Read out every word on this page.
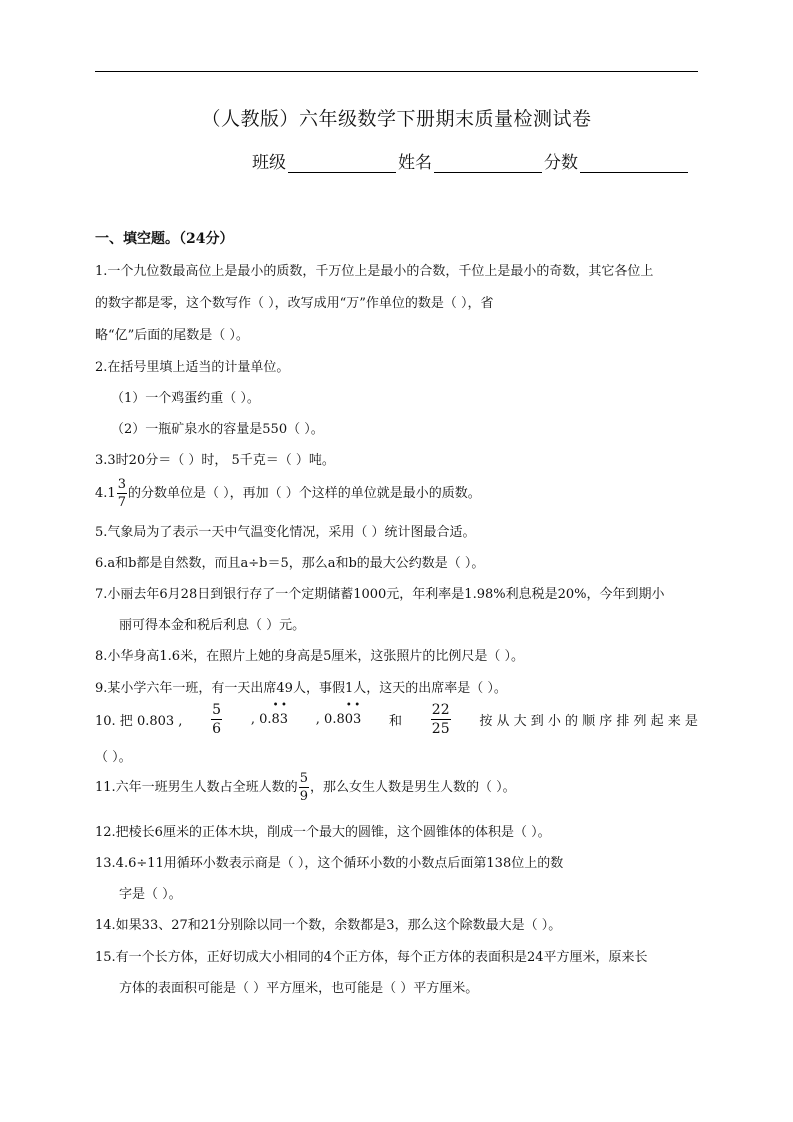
（人教版）六年级数学下册期末质量检测试卷
班级	姓名	分数
一、填空题。（24分）
1.一个九位数最高位上是最小的质数，千万位上是最小的合数，千位上是最小的奇数，其它各位上
的数字都是零，这个数写作（ ），改写成用“万”作单位的数是（ ），省
略“亿”后面的尾数是（ ）。
2.在括号里填上适当的计量单位。
（1）一个鸡蛋约重（ ）。
（2）一瓶矿泉水的容量是550（ ）。
3.3时20分＝（ ）时， 5千克＝（ ）吨。
$4.1 \frac{3}{7}$ 的分数单位是（ ），再加（ ）个这样的单位就是最小的质数。
5.气象局为了表示一天中气温变化情况，采用（ ）统计图最合适。
6.a和b都是自然数，而且a÷b＝5，那么a和b的最大公约数是（ ）。
7.小丽去年6月28日到银行存了一个定期储蓄1000元，年利率是1.98%利息税是20%，今年到期小
丽可得本金和税后利息（ ）元。
8.小华身高1.6米，在照片上她的身高是5厘米，这张照片的比例尺是（ ）。
9.某小学六年一班，有一天出席49人，事假1人，这天的出席率是（ ）。
10. 把 0.803 , $\frac{5}{6}$ , 0.• 8• 3 , 0.8• 0• 3 和 $\frac{22}{25}$ 按 从 大 到 小 的 顺 序 排 列 起 来 是
（ ）。
11.六年一班男生人数占全班人数的 $\frac{5}{9}$ ，那么女生人数是男生人数的（ ）。
12.把棱长6厘米的正体木块，削成一个最大的圆锥，这个圆锥体的体积是（ ）。
13.4.6÷11用循环小数表示商是（ ），这个循环小数的小数点后面第138位上的数
字是（ ）。
14.如果33、27和21分别除以同一个数，余数都是3，那么这个除数最大是（ ）。
15.有一个长方体，正好切成大小相同的4个正方体，每个正方体的表面积是24平方厘米，原来长
方体的表面积可能是（ ）平方厘米，也可能是（ ）平方厘米。
